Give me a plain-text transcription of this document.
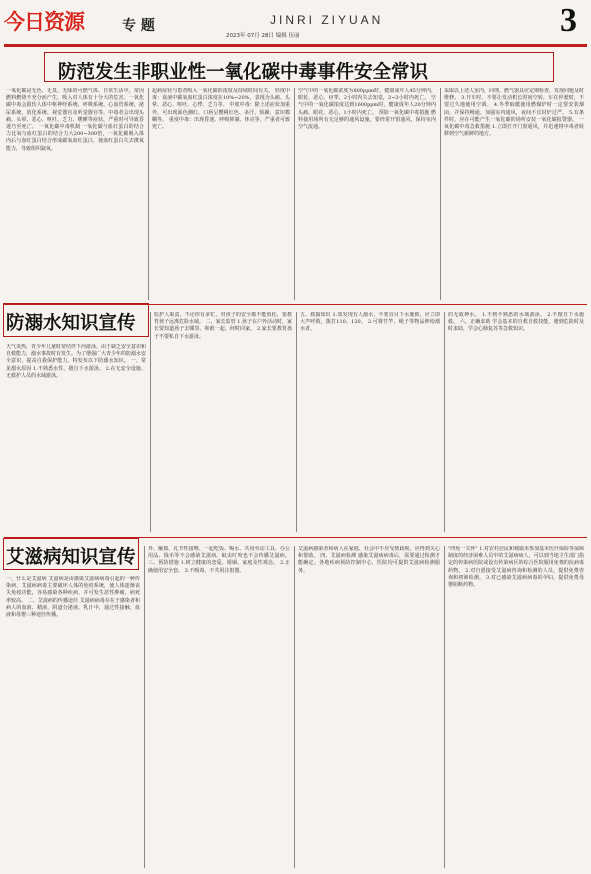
今日资源	专 题	JINRI ZIYUAN
2023年 07月 28日 编辑 伍丽	3
防范发生非职业性一氧化碳中毒事件安全常识
一氧化碳是无色、无臭、无味的可燃气体，日常生活中，常因燃料燃烧不充分而产生，吸入对人体有十分大的危害。一氧化碳中毒会损伤人体中枢神经系统、呼吸系统、心血管系统、泌尿系统、消化系统、视觉器官及听觉器官等。中毒者会出现头痛、头晕、恶心、呕吐、乏力、嗜睡等症状，严重时可导致昏迷乃至死亡。 一氧化碳中毒机制 一氧化碳与血红蛋白的结合力比氧与血红蛋白的结合力大200~300倍，一氧化碳吸入体内后与血红蛋白结合形成碳氧血红蛋白，使血红蛋白失去携氧能力，导致组织缺氧。
起病症状与患者吸入一氧化碳的浓度及持续时间有关。 轻度中毒：血液中碳氧血红蛋白浓度在10%~20%，表现为头痛、头晕、恶心、呕吐、心悸、乏力等。 中度中毒：除上述症状加重外，可出现面色潮红、口唇呈樱桃红色、多汗、烦躁、意识模糊等。 重度中毒：出现昏迷、呼吸抑制、休克等，严重者可致死亡。
空气中的一氧化碳浓度为800ppm时，健康成年人45分钟内，眼花，恶心，痉挛，2小时内失去知觉，2~3小时内死亡。 空气中的一氧化碳浓度达到1600ppm时，健康成年人20分钟内头痛、眼花、恶心，1小时内死亡。 预防一氧化碳中毒措施 燃料使用场所有无足够的通风设施，要经常开窗通风，保持室内空气流通。
采取以上述人室内，同理，燃气器具应定期检查，发现问题及时维修。 3.开车时，不要让发动机长时间空转，车在停驶时，不要过久地使用空调。 4.冬季取暖使用燃煤炉时一定要安装烟囱，并保持畅通，加强室内通风，夜间不宜封炉过严。 5.有条件时，应在可能产生一氧化碳的场所安装一氧化碳报警器。 一氧化碳中毒急救措施 1.立即打开门窗通风，并迅速将中毒者转移到空气新鲜的地方。
防溺水知识宣传
天气炎热，青少年儿童时常结伴下河游泳，由于缺乏安全意识和自救能力，溺水事故时有发生。为了增强广大青少年的防溺水安全意识，提高自我保护能力，特发布以下防溺水知识。 一、常见溺水原因 1.不熟悉水性，擅自下水游泳。 2.在无安全设施、无救护人员的水域游泳。
监护人职责，不论你有多忙，对孩子的安全都不能放松，要教育孩子远离危险水域。 二、家长监管 1.孩子在户外活动时，家长要知道孩子去哪里、和谁一起、何时回家。 2.家长要教育孩子不要私自下水游泳。
五、救援知识 1.如发现有人溺水，不要盲目下水施救，应立即大声呼救，拨打110、120。 2.可将竹竿、绳子等物品伸给溺水者。
的无敌神水。 1.不到不熟悉的水域游泳。 2.不擅自下水施救。 六、正确求助 学会基本的自救自救技能，遇到危险时及时求助，学会心肺复苏等急救知识。
艾滋病知识宣传
一、什么是艾滋病 艾滋病是由感染艾滋病病毒引起的一种传染病，艾滋病病毒主要破坏人体的免疫系统，使人体逐渐丧失免疫功能，容易感染各种疾病，并可发生恶性肿瘤，病死率较高。 二、艾滋病的传播途径 艾滋病病毒存在于感染者和病人的血液、精液、阴道分泌液、乳汁中，通过性接触、血液和母婴三种途径传播。
外、触摸、礼节性接吻、一起吃饭、喝水、共用劳动工具、办公用品、钱币等不会感染艾滋病。蚊虫叮咬也不会传播艾滋病。 三、预防措施 1.树立健康的恋爱、婚姻、家庭及性观念。 2.正确使用安全套。 3.不吸毒，不共用注射器。
艾滋病感染者和病人在家庭、社会中不应受到歧视，应得到关心和帮助。 四、艾滋病检测 感染艾滋病病毒后，需要通过检测才能确定。各地疾病预防控制中心、医院均可提供艾滋病检测服务。
"四免一关怀" 1.对农村居民和城镇未参加基本医疗保险等保障制度的经济困难人员中的艾滋病病人，可以到当地卫生部门指定的传染病医院或设有传染病区的综合医院服用免费的抗病毒药物。 2.对自愿接受艾滋病咨询和检测的人员，提供免费咨询和初筛检测。 3.对已感染艾滋病病毒的孕妇，提供免费母婴阻断药物。
